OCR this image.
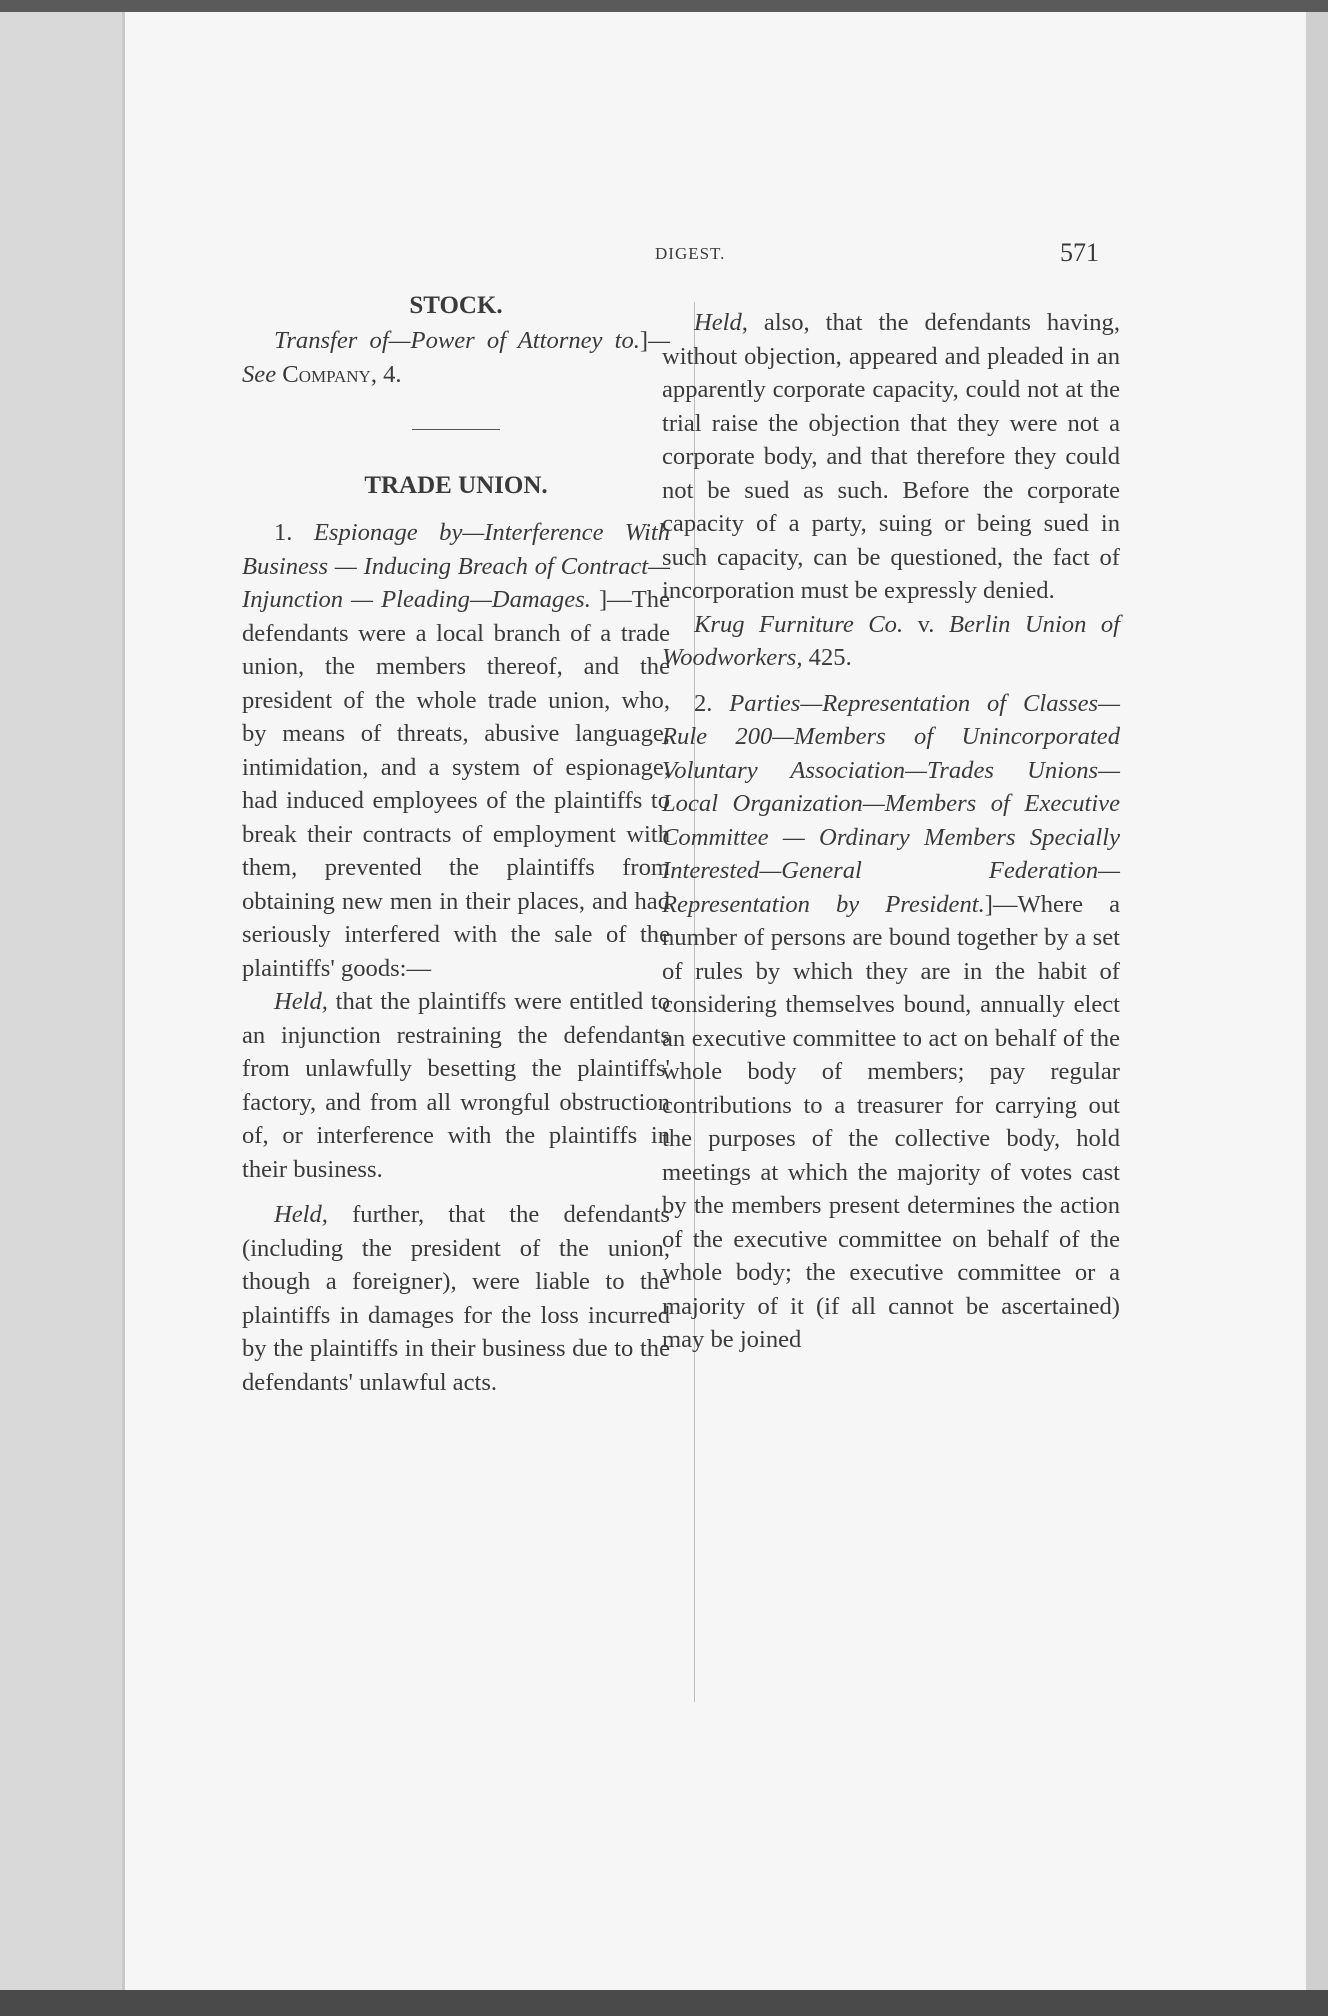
DIGEST.	571
STOCK.

Transfer of—Power of Attorney to.]—See Company, 4.

TRADE UNION.

1. Espionage by—Interference With Business — Inducing Breach of Contract—Injunction — Pleading—Damages. ]—The defendants were a local branch of a trade union, the members thereof, and the president of the whole trade union, who, by means of threats, abusive language, intimidation, and a system of espionage, had induced employees of the plaintiffs to break their contracts of employment with them, prevented the plaintiffs from obtaining new men in their places, and had seriously interfered with the sale of the plaintiffs' goods:—

Held, that the plaintiffs were entitled to an injunction restraining the defendants from unlawfully besetting the plaintiffs' factory, and from all wrongful obstruction of, or interference with the plaintiffs in their business.

Held, further, that the defendants (including the president of the union, though a foreigner), were liable to the plaintiffs in damages for the loss incurred by the plaintiffs in their business due to the defendants' unlawful acts.

Held, also, that the defendants having, without objection, appeared and pleaded in an apparently corporate capacity, could not at the trial raise the objection that they were not a corporate body, and that therefore they could not be sued as such. Before the corporate capacity of a party, suing or being sued in such capacity, can be questioned, the fact of incorporation must be expressly denied.

Krug Furniture Co. v. Berlin Union of Woodworkers, 425.

2. Parties—Representation of Classes—Rule 200—Members of Unincorporated Voluntary Association—Trades Unions—Local Organization—Members of Executive Committee — Ordinary Members Specially Interested—General Federation—Representation by President.]—Where a number of persons are bound together by a set of rules by which they are in the habit of considering themselves bound, annually elect an executive committee to act on behalf of the whole body of members; pay regular contributions to a treasurer for carrying out the purposes of the collective body, hold meetings at which the majority of votes cast by the members present determines the action of the executive committee on behalf of the whole body; the executive committee or a majority of it (if all cannot be ascertained) may be joined
